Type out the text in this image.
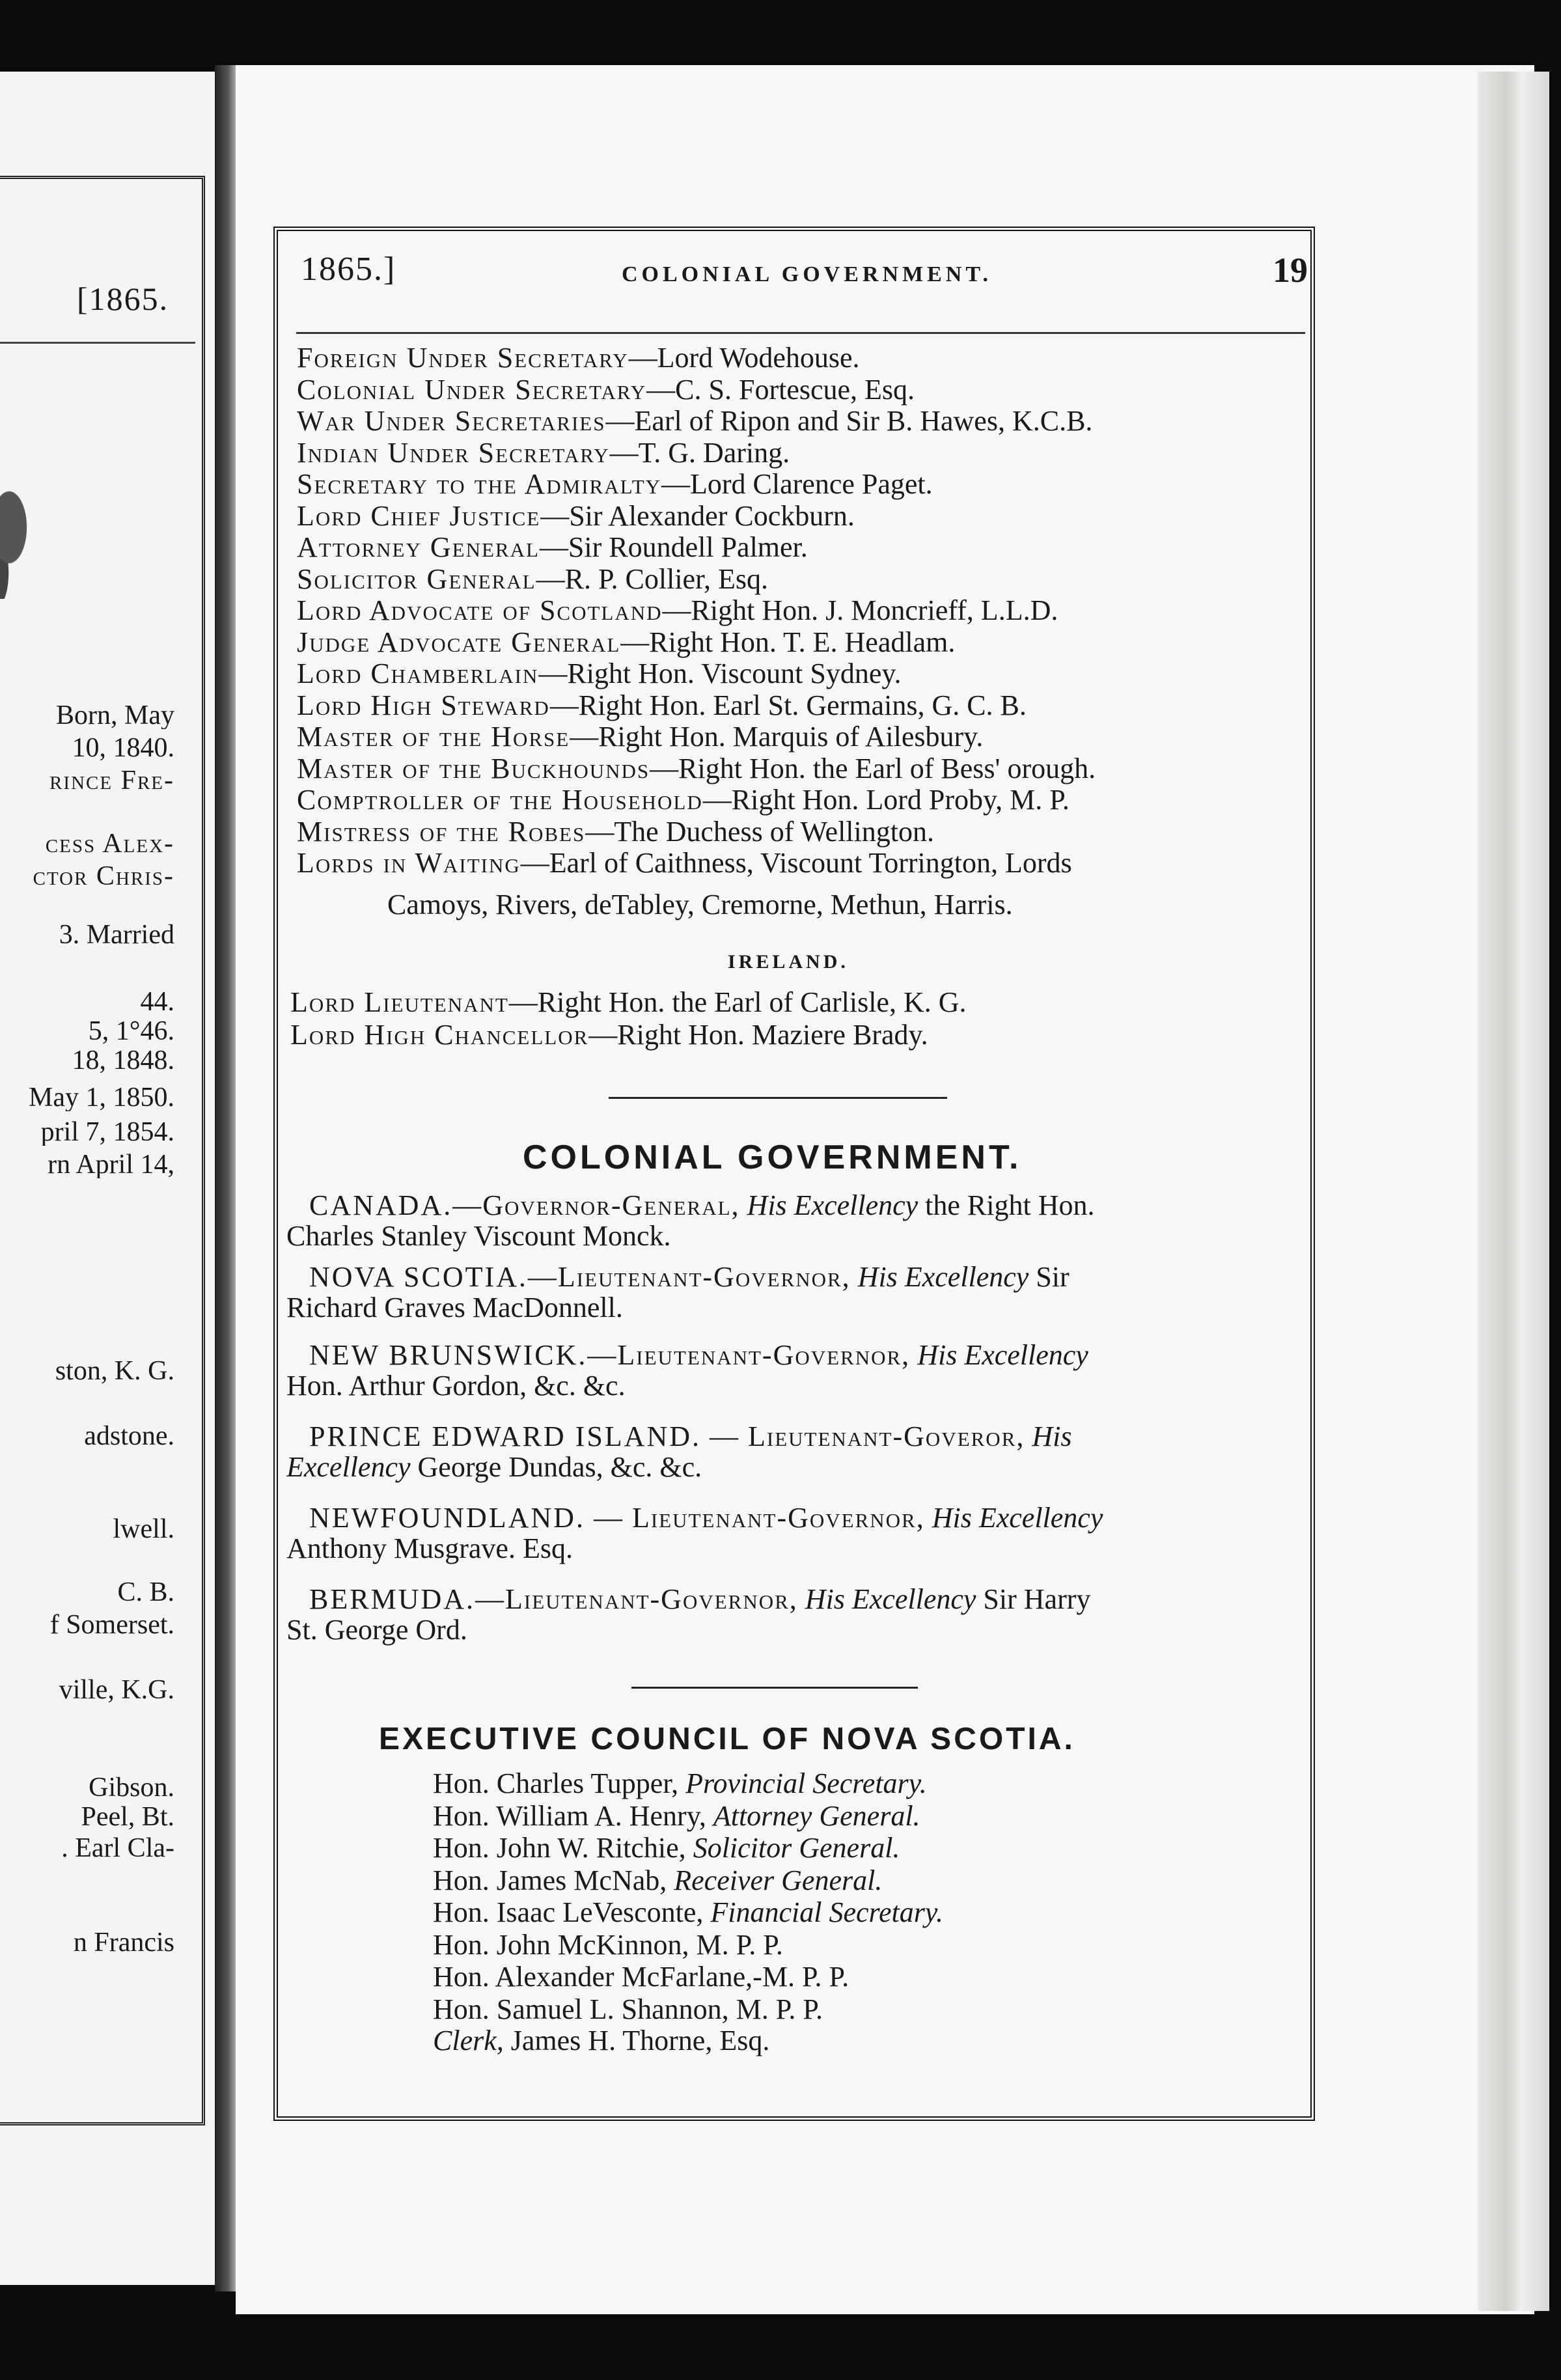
[1865.
Born, May
10, 1840.
rince Fre-
cess Alex-
ctor Chris-
3. Married
44.
5, 1°46.
18, 1848.
May 1, 1850.
pril 7, 1854.
rn April 14,
ston, K. G.
adstone.
lwell.
C. B.
f Somerset.
ville, K.G.
Gibson.
Peel, Bt.
. Earl Cla-
n Francis
1865.]	COLONIAL GOVERNMENT.	19
Foreign Under Secretary—Lord Wodehouse.
Colonial Under Secretary—C. S. Fortescue, Esq.
War Under Secretaries—Earl of Ripon and Sir B. Hawes, K.C.B.
Indian Under Secretary—T. G. Daring.
Secretary to the Admiralty—Lord Clarence Paget.
Lord Chief Justice—Sir Alexander Cockburn.
Attorney General—Sir Roundell Palmer.
Solicitor General—R. P. Collier, Esq.
Lord Advocate of Scotland—Right Hon. J. Moncrieff, L.L.D.
Judge Advocate General—Right Hon. T. E. Headlam.
Lord Chamberlain—Right Hon. Viscount Sydney.
Lord High Steward—Right Hon. Earl St. Germains, G. C. B.
Master of the Horse—Right Hon. Marquis of Ailesbury.
Master of the Buckhounds—Right Hon. the Earl of Bess' orough.
Comptroller of the Household—Right Hon. Lord Proby, M. P.
Mistress of the Robes—The Duchess of Wellington.
Lords in Waiting—Earl of Caithness, Viscount Torrington, Lords
Camoys, Rivers, deTabley, Cremorne, Methun, Harris.
IRELAND.
Lord Lieutenant—Right Hon. the Earl of Carlisle, K. G.
Lord High Chancellor—Right Hon. Maziere Brady.
COLONIAL GOVERNMENT.
CANADA.—Governor-General, His Excellency the Right Hon.
Charles Stanley Viscount Monck.
NOVA SCOTIA.—Lieutenant-Governor, His Excellency Sir
Richard Graves MacDonnell.
NEW BRUNSWICK.—Lieutenant-Governor, His Excellency
Hon. Arthur Gordon, &c. &c.
PRINCE EDWARD ISLAND. — Lieutenant-Goveror, His
Excellency George Dundas, &c. &c.
NEWFOUNDLAND. — Lieutenant-Governor, His Excellency
Anthony Musgrave. Esq.
BERMUDA.—Lieutenant-Governor, His Excellency Sir Harry
St. George Ord.
EXECUTIVE COUNCIL OF NOVA SCOTIA.
Hon. Charles Tupper, Provincial Secretary.
Hon. William A. Henry, Attorney General.
Hon. John W. Ritchie, Solicitor General.
Hon. James McNab, Receiver General.
Hon. Isaac LeVesconte, Financial Secretary.
Hon. John McKinnon, M. P. P.
Hon. Alexander McFarlane,-M. P. P.
Hon. Samuel L. Shannon, M. P. P.
Clerk, James H. Thorne, Esq.
